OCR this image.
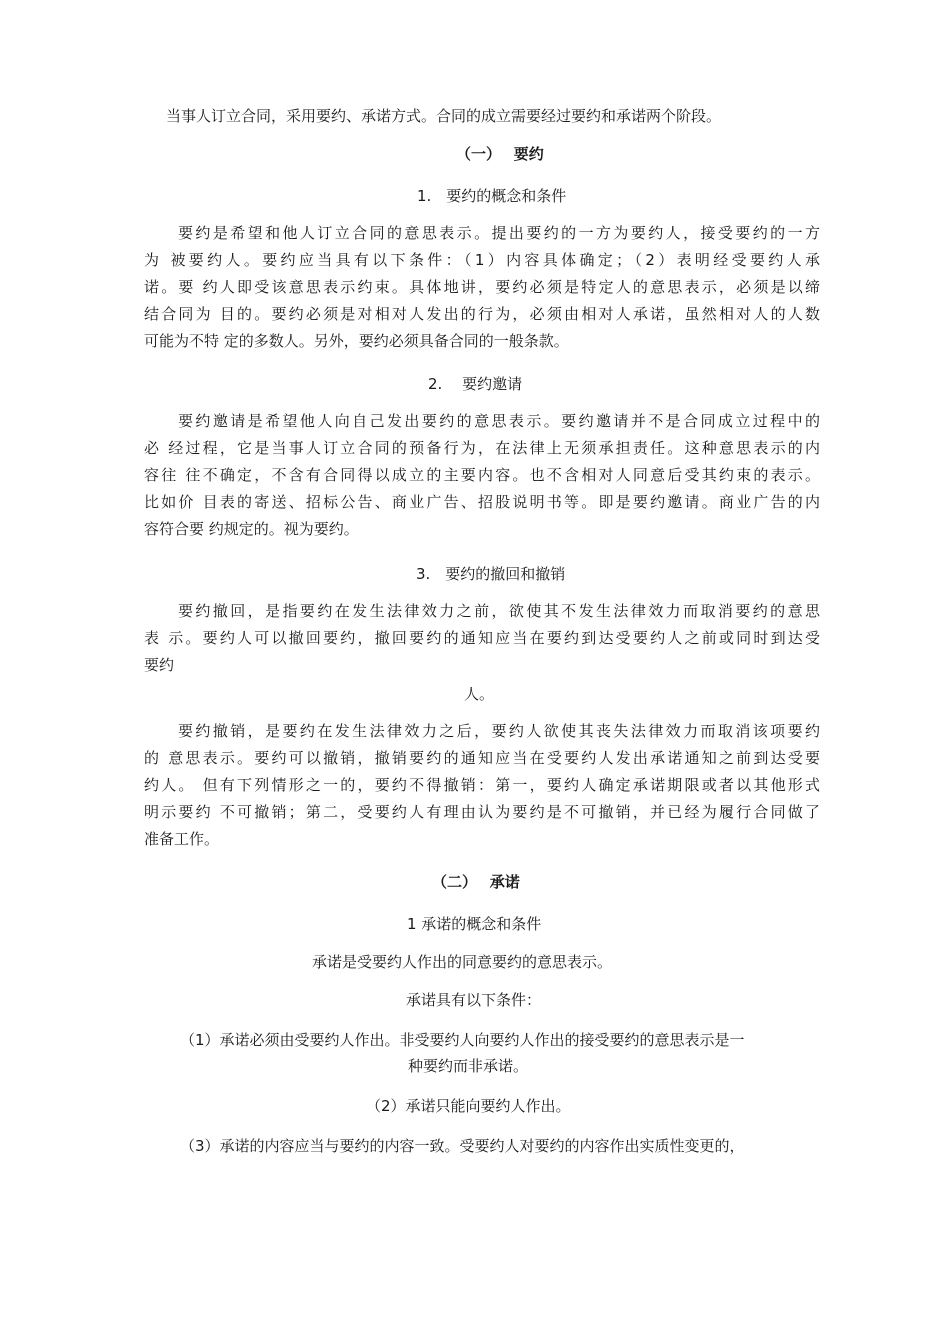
当事人订立合同，采用要约、承诺方式。合同的成立需要经过要约和承诺两个阶段。
（一）　 要约
1.　要约的概念和条件

要约是希望和他人订立合同的意思表示。提出要约的一方为要约人，接受要约的一方

为 被要约人。要约应当具有以下条件：（1）内容具体确定；（2）表明经受要约人承

诺。要 约人即受该意思表示约束。具体地讲，要约必须是特定人的意思表示，必须是以缔

结合同为 目的。要约必须是对相对人发出的行为，必须由相对人承诺，虽然相对人的人数

可能为不特 定的多数人。另外，要约必须具备合同的一般条款。

2.　 要约邀请

要约邀请是希望他人向自己发出要约的意思表示。要约邀请并不是合同成立过程中的

必 经过程，它是当事人订立合同的预备行为，在法律上无须承担责任。这种意思表示的内

容往 往不确定，不含有合同得以成立的主要内容。也不含相对人同意后受其约束的表示。

比如价 目表的寄送、招标公告、商业广告、招股说明书等。即是要约邀请。商业广告的内

容符合要 约规定的。视为要约。

3.　要约的撤回和撤销

要约撤回，是指要约在发生法律效力之前，欲使其不发生法律效力而取消要约的意思

表 示。要约人可以撤回要约，撤回要约的通知应当在要约到达受要约人之前或同时到达受

要约

人。

要约撤销，是要约在发生法律效力之后，要约人欲使其丧失法律效力而取消该项要约

的 意思表示。要约可以撤销，撤销要约的通知应当在受要约人发出承诺通知之前到达受要

约人。 但有下列情形之一的，要约不得撤销：第一，要约人确定承诺期限或者以其他形式

明示要约 不可撤销；第二，受要约人有理由认为要约是不可撤销，并已经为履行合同做了

准备工作。

（二）　 承诺
1 承诺的概念和条件
承诺是受要约人作出的同意要约的意思表示。
承诺具有以下条件：
（1）承诺必须由受要约人作出。非受要约人向要约人作出的接受要约的意思表示是一
种要约而非承诺。
（2）承诺只能向要约人作出。
（3）承诺的内容应当与要约的内容一致。受要约人对要约的内容作出实质性变更的，
